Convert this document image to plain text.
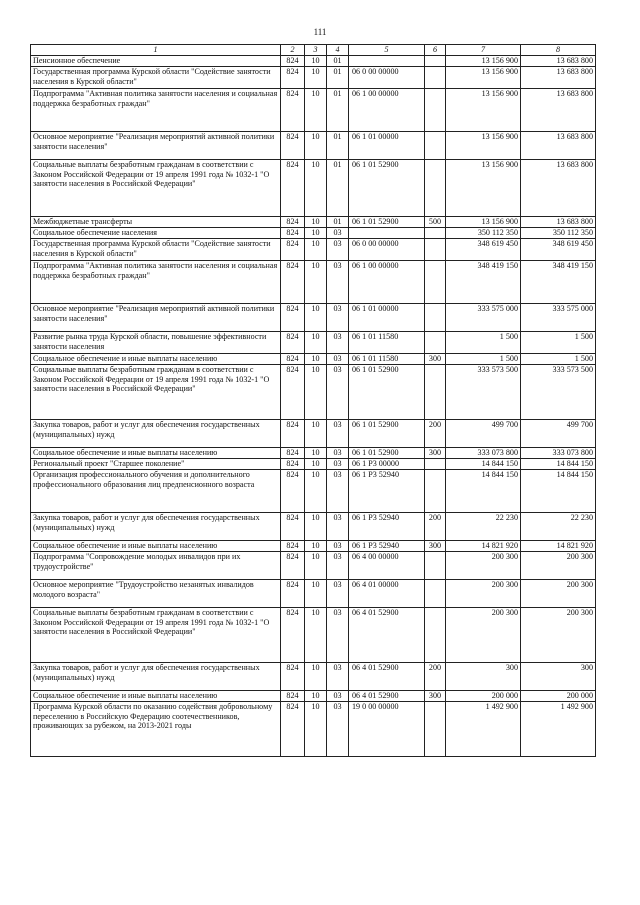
111
1	2	3	4	5	6	7	8
Пенсионное обеспечение	824	10	01			13 156 900	13 683 800
Государственная программа Курской области "Содействие занятости населения в Курской области"	824	10	01	06 0 00 00000		13 156 900	13 683 800
Подпрограмма "Активная политика занятости населения и социальная поддержка безработных граждан"	824	10	01	06 1 00 00000		13 156 900	13 683 800
Основное мероприятие "Реализация мероприятий активной политики занятости населения"	824	10	01	06 1 01 00000		13 156 900	13 683 800
Социальные выплаты безработным гражданам в соответствии с Законом Российской Федерации от 19 апреля 1991 года № 1032-1 "О занятости населения в Российской Федерации"	824	10	01	06 1 01 52900		13 156 900	13 683 800
Межбюджетные трансферты	824	10	01	06 1 01 52900	500	13 156 900	13 683 800
Социальное обеспечение населения	824	10	03			350 112 350	350 112 350
Государственная программа Курской области "Содействие занятости населения в Курской области"	824	10	03	06 0 00 00000		348 619 450	348 619 450
Подпрограмма "Активная политика занятости населения и социальная поддержка безработных граждан"	824	10	03	06 1 00 00000		348 419 150	348 419 150
Основное мероприятие "Реализация мероприятий активной политики занятости населения"	824	10	03	06 1 01 00000		333 575 000	333 575 000
Развитие рынка труда Курской области, повышение эффективности занятости населения	824	10	03	06 1 01 11580		1 500	1 500
Социальное обеспечение и иные выплаты населению	824	10	03	06 1 01 11580	300	1 500	1 500
Социальные выплаты безработным гражданам в соответствии с Законом Российской Федерации от 19 апреля 1991 года № 1032-1 "О занятости населения в Российской Федерации"	824	10	03	06 1 01 52900		333 573 500	333 573 500
Закупка товаров, работ и услуг для обеспечения государственных (муниципальных) нужд	824	10	03	06 1 01 52900	200	499 700	499 700
Социальное обеспечение и иные выплаты населению	824	10	03	06 1 01 52900	300	333 073 800	333 073 800
Региональный проект "Старшее поколение"	824	10	03	06 1 P3 00000		14 844 150	14 844 150
Организация профессионального обучения и дополнительного профессионального образования лиц предпенсионного возраста	824	10	03	06 1 P3 52940		14 844 150	14 844 150
Закупка товаров, работ и услуг для обеспечения государственных (муниципальных) нужд	824	10	03	06 1 P3 52940	200	22 230	22 230
Социальное обеспечение и иные выплаты населению	824	10	03	06 1 P3 52940	300	14 821 920	14 821 920
Подпрограмма "Сопровождение молодых инвалидов при их трудоустройстве"	824	10	03	06 4 00 00000		200 300	200 300
Основное мероприятие "Трудоустройство незанятых инвалидов молодого возраста"	824	10	03	06 4 01 00000		200 300	200 300
Социальные выплаты безработным гражданам в соответствии с Законом Российской Федерации от 19 апреля 1991 года № 1032-1 "О занятости населения в Российской Федерации"	824	10	03	06 4 01 52900		200 300	200 300
Закупка товаров, работ и услуг для обеспечения государственных (муниципальных) нужд	824	10	03	06 4 01 52900	200	300	300
Социальное обеспечение и иные выплаты населению	824	10	03	06 4 01 52900	300	200 000	200 000
Программа Курской области по оказанию содействия добровольному переселению в Российскую Федерацию соотечественников, проживающих за рубежом, на 2013-2021 годы	824	10	03	19 0 00 00000		1 492 900	1 492 900
